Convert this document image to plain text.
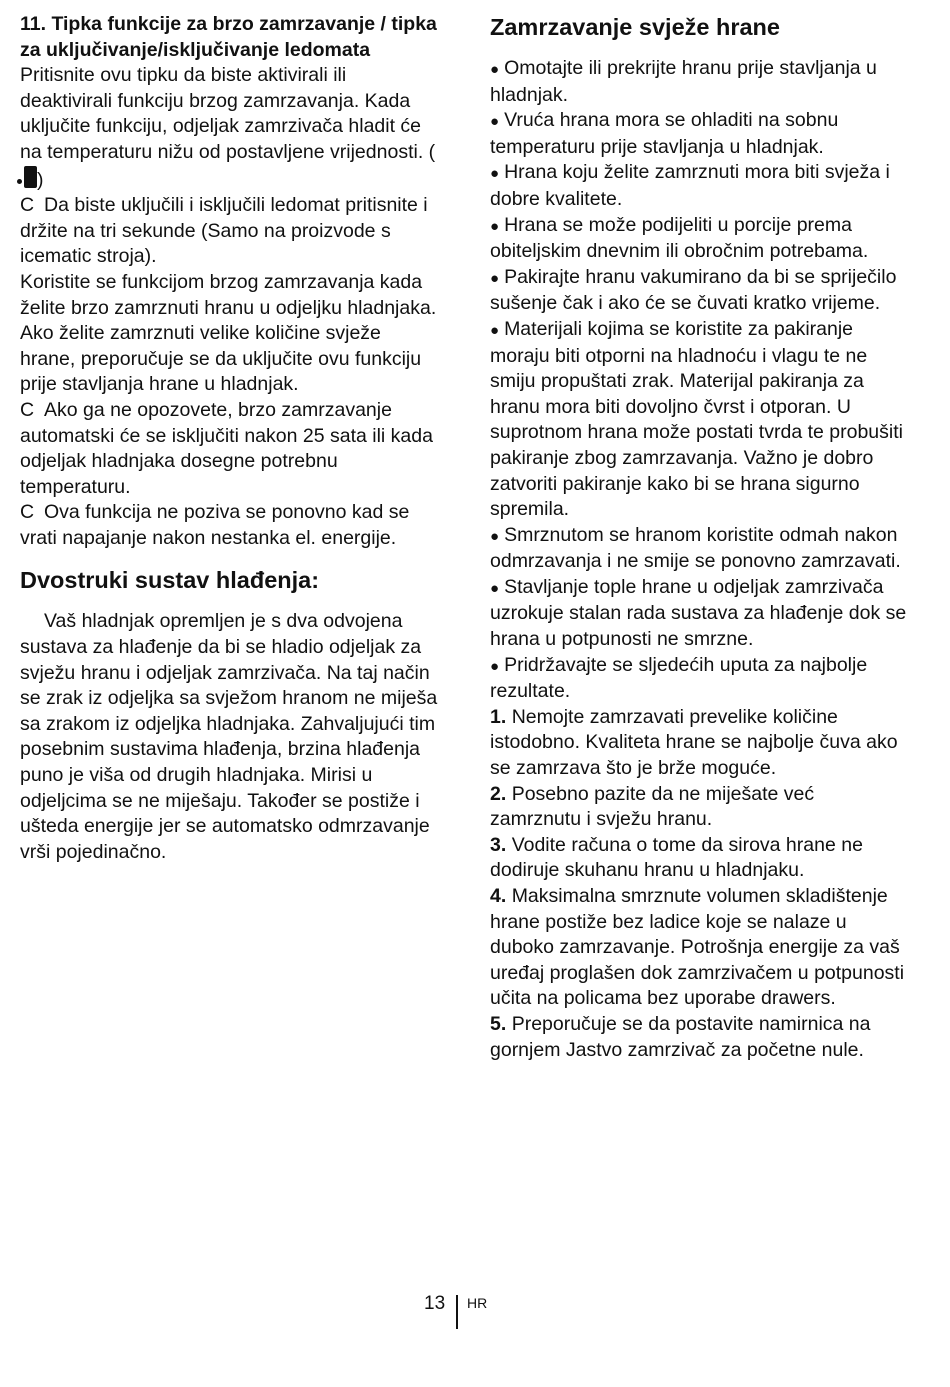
11. Tipka funkcije za brzo zamrzavanje / tipka za uključivanje/isključivanje ledomata

Pritisnite ovu tipku da biste aktivirali ili deaktivirali funkciju brzog zamrzavanja. Kada uključite funkciju, odjeljak zamrzivača hladit će na temperaturu nižu od postavljene vrijednosti. ()

C Da biste uključili i isključili ledomat pritisnite i držite na tri sekunde (Samo na proizvode s icematic stroja).

Koristite se funkcijom brzog zamrzavanja kada želite brzo zamrznuti hranu u odjeljku hladnjaka. Ako želite zamrznuti velike količine svježe hrane, preporučuje se da uključite ovu funkciju prije stavljanja hrane u hladnjak.

C Ako ga ne opozovete, brzo zamrzavanje automatski će se isključiti nakon 25 sata ili kada odjeljak hladnjaka dosegne potrebnu temperaturu.

C Ova funkcija ne poziva se ponovno kad se vrati napajanje nakon nestanka el. energije.

Dvostruki sustav hlađenja:

Vaš hladnjak opremljen je s dva odvojena sustava za hlađenje da bi se hladio odjeljak za svježu hranu i odjeljak zamrzivača. Na taj način se zrak iz odjeljka sa svježom hranom ne miješa sa zrakom iz odjeljka hladnjaka. Zahvaljujući tim posebnim sustavima hlađenja, brzina hlađenja puno je viša od drugih hladnjaka. Mirisi u odjeljcima se ne miješaju. Također se postiže i ušteda energije jer se automatsko odmrzavanje vrši pojedinačno.

Zamrzavanje svježe hrane

● Omotajte ili prekrijte hranu prije stavljanja u hladnjak.

● Vruća hrana mora se ohladiti na sobnu temperaturu prije stavljanja u hladnjak.

● Hrana koju želite zamrznuti mora biti svježa i dobre kvalitete.

● Hrana se može podijeliti u porcije prema obiteljskim dnevnim ili obročnim potrebama.

● Pakirajte hranu vakumirano da bi se spriječilo sušenje čak i ako će se čuvati kratko vrijeme.

● Materijali kojima se koristite za pakiranje moraju biti otporni na hladnoću i vlagu te ne smiju propuštati zrak. Materijal pakiranja za hranu mora biti dovoljno čvrst i otporan. U suprotnom hrana može postati tvrda te probušiti pakiranje zbog zamrzavanja. Važno je dobro zatvoriti pakiranje kako bi se hrana sigurno spremila.

● Smrznutom se hranom koristite odmah nakon odmrzavanja i ne smije se ponovno zamrzavati.

● Stavljanje tople hrane u odjeljak zamrzivača uzrokuje stalan rada sustava za hlađenje dok se hrana u potpunosti ne smrzne.

● Pridržavajte se sljedećih uputa za najbolje rezultate.

1. Nemojte zamrzavati prevelike količine istodobno. Kvaliteta hrane se najbolje čuva ako se zamrzava što je brže moguće.

2. Posebno pazite da ne miješate već zamrznutu i svježu hranu.

3. Vodite računa o tome da sirova hrane ne dodiruje skuhanu hranu u hladnjaku.

4. Maksimalna smrznute volumen skladištenje hrane postiže bez ladice koje se nalaze u duboko zamrzavanje. Potrošnja energije za vaš uređaj proglašen dok zamrzivačem u potpunosti učita na policama bez uporabe drawers.

5. Preporučuje se da postavite namirnica na gornjem Jastvo zamrzivač za početne nule.

13 HR
